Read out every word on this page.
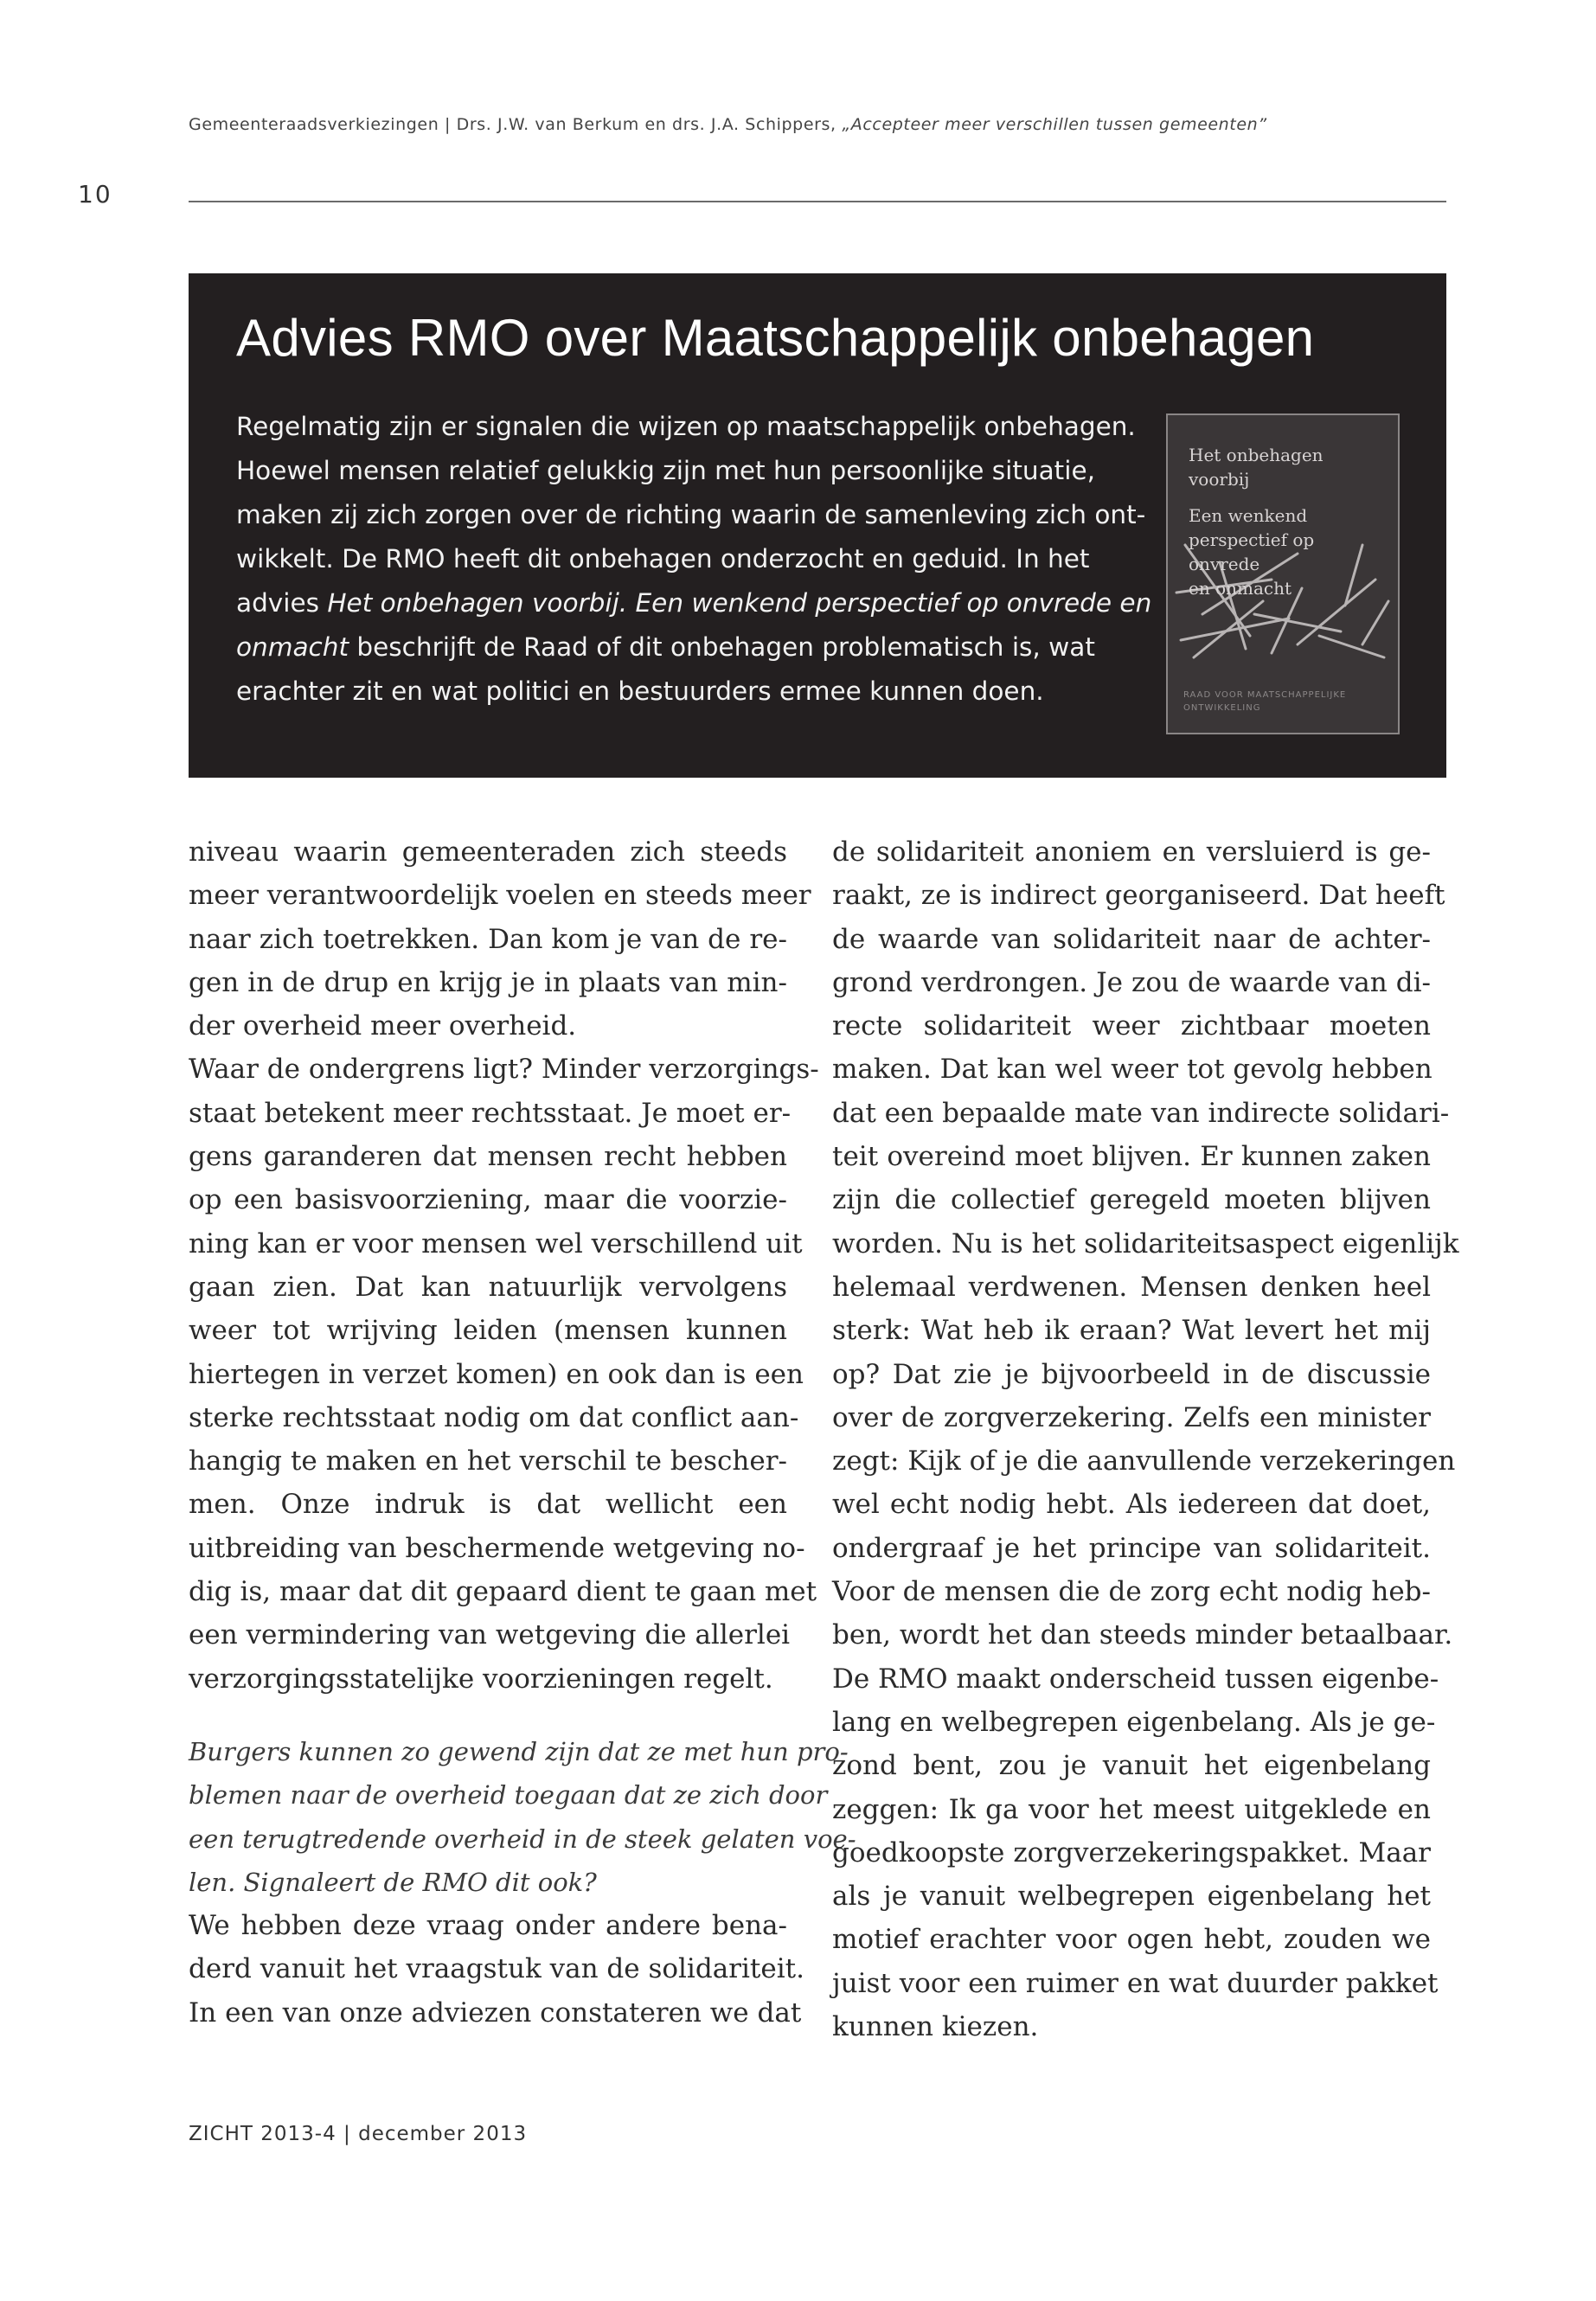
Gemeenteraadsverkiezingen | Drs. J.W. van Berkum en drs. J.A. Schippers, „Accepteer meer verschillen tussen gemeenten”
10
Advies RMO over Maatschappelijk onbehagen
Regelmatig zijn er signalen die wijzen op maatschappelijk onbehagen.
Hoewel mensen relatief gelukkig zijn met hun persoonlijke situatie,
maken zij zich zorgen over de richting waarin de samenleving zich ont-
wikkelt. De RMO heeft dit onbehagen onderzocht en geduid. In het
advies Het onbehagen voorbij. Een wenkend perspectief op onvrede en
onmacht beschrijft de Raad of dit onbehagen problematisch is, wat
erachter zit en wat politici en bestuurders ermee kunnen doen.
Het onbehagen
voorbij
Een wenkend
perspectief op
onvrede
en onmacht
RAAD VOOR MAATSCHAPPELIJKE ONTWIKKELING
niveau waarin gemeenteraden zich steeds
meer verantwoordelijk voelen en steeds meer
naar zich toetrekken. Dan kom je van de re-
gen in de drup en krijg je in plaats van min-
der overheid meer overheid.
Waar de ondergrens ligt? Minder verzorgings-
staat betekent meer rechtsstaat. Je moet er-
gens garanderen dat mensen recht hebben
op een basisvoorziening, maar die voorzie-
ning kan er voor mensen wel verschillend uit
gaan zien. Dat kan natuurlijk vervolgens
weer tot wrijving leiden (mensen kunnen
hiertegen in verzet komen) en ook dan is een
sterke rechtsstaat nodig om dat conflict aan-
hangig te maken en het verschil te bescher-
men. Onze indruk is dat wellicht een
uitbreiding van beschermende wetgeving no-
dig is, maar dat dit gepaard dient te gaan met
een vermindering van wetgeving die allerlei
verzorgingsstatelijke voorzieningen regelt.
Burgers kunnen zo gewend zijn dat ze met hun pro-
blemen naar de overheid toegaan dat ze zich door
een terugtredende overheid in de steek gelaten voe-
len. Signaleert de RMO dit ook?
We hebben deze vraag onder andere bena-
derd vanuit het vraagstuk van de solidariteit.
In een van onze adviezen constateren we dat
de solidariteit anoniem en versluierd is ge-
raakt, ze is indirect georganiseerd. Dat heeft
de waarde van solidariteit naar de achter-
grond verdrongen. Je zou de waarde van di-
recte solidariteit weer zichtbaar moeten
maken. Dat kan wel weer tot gevolg hebben
dat een bepaalde mate van indirecte solidari-
teit overeind moet blijven. Er kunnen zaken
zijn die collectief geregeld moeten blijven
worden. Nu is het solidariteitsaspect eigenlijk
helemaal verdwenen. Mensen denken heel
sterk: Wat heb ik eraan? Wat levert het mij
op? Dat zie je bijvoorbeeld in de discussie
over de zorgverzekering. Zelfs een minister
zegt: Kijk of je die aanvullende verzekeringen
wel echt nodig hebt. Als iedereen dat doet,
ondergraaf je het principe van solidariteit.
Voor de mensen die de zorg echt nodig heb-
ben, wordt het dan steeds minder betaalbaar.
De RMO maakt onderscheid tussen eigenbe-
lang en welbegrepen eigenbelang. Als je ge-
zond bent, zou je vanuit het eigenbelang
zeggen: Ik ga voor het meest uitgeklede en
goedkoopste zorgverzekeringspakket. Maar
als je vanuit welbegrepen eigenbelang het
motief erachter voor ogen hebt, zouden we
juist voor een ruimer en wat duurder pakket
kunnen kiezen.
ZICHT 2013-4 | december 2013
